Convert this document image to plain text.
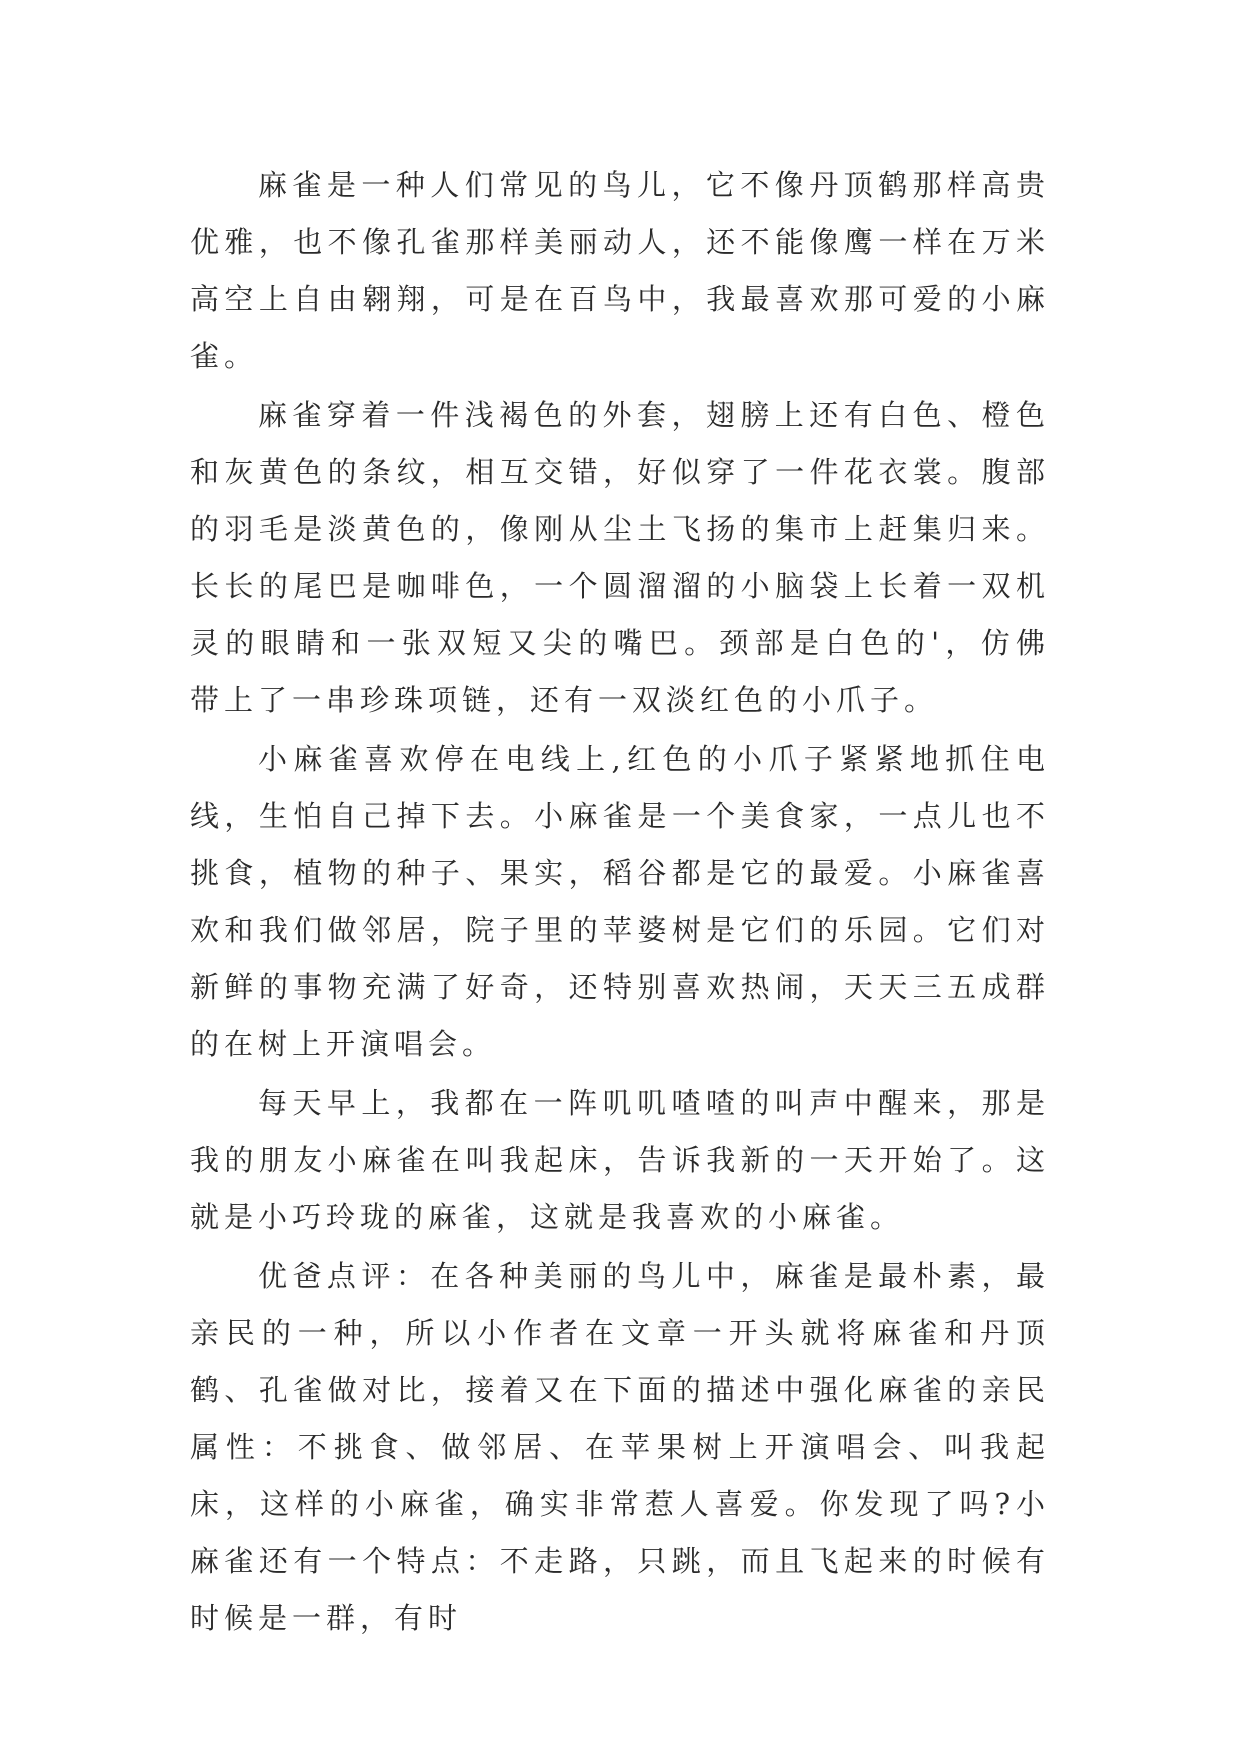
麻雀是一种人们常见的鸟儿，它不像丹顶鹤那样高贵优雅，也不像孔雀那样美丽动人，还不能像鹰一样在万米高空上自由翱翔，可是在百鸟中，我最喜欢那可爱的小麻雀。

麻雀穿着一件浅褐色的外套，翅膀上还有白色、橙色和灰黄色的条纹，相互交错，好似穿了一件花衣裳。腹部的羽毛是淡黄色的，像刚从尘土飞扬的集市上赶集归来。长长的尾巴是咖啡色，一个圆溜溜的小脑袋上长着一双机灵的眼睛和一张双短又尖的嘴巴。颈部是白色的'，仿佛带上了一串珍珠项链，还有一双淡红色的小爪子。

小麻雀喜欢停在电线上,红色的小爪子紧紧地抓住电线，生怕自己掉下去。小麻雀是一个美食家，一点儿也不挑食，植物的种子、果实，稻谷都是它的最爱。小麻雀喜欢和我们做邻居，院子里的苹婆树是它们的乐园。它们对新鲜的事物充满了好奇，还特别喜欢热闹，天天三五成群的在树上开演唱会。

每天早上，我都在一阵叽叽喳喳的叫声中醒来，那是我的朋友小麻雀在叫我起床，告诉我新的一天开始了。这就是小巧玲珑的麻雀，这就是我喜欢的小麻雀。

优爸点评：在各种美丽的鸟儿中，麻雀是最朴素，最亲民的一种，所以小作者在文章一开头就将麻雀和丹顶鹤、孔雀做对比，接着又在下面的描述中强化麻雀的亲民属性：不挑食、做邻居、在苹果树上开演唱会、叫我起床，这样的小麻雀，确实非常惹人喜爱。你发现了吗?小麻雀还有一个特点：不走路，只跳，而且飞起来的时候有时候是一群，有时
